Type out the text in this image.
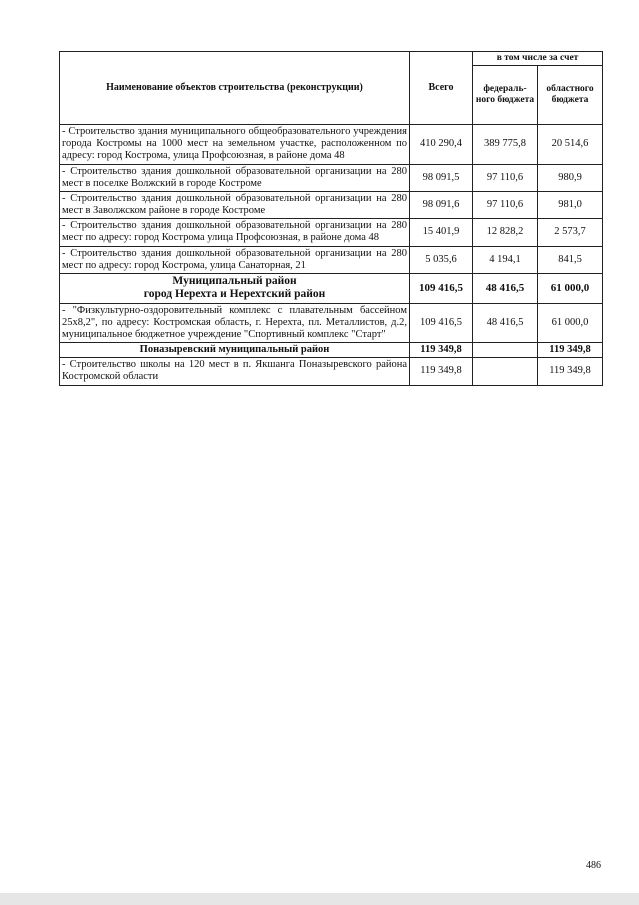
Наименование объектов строительства (реконструкции)	Всего	в том числе за счет	
		федераль-ного бюджета	областного бюджета
- Строительство здания муниципального общеобразовательного учреждения города Костромы на 1000 мест на земельном участке, расположенном по адресу: город Кострома, улица Профсоюзная, в районе дома 48	410 290,4	389 775,8	20 514,6
- Строительство здания дошкольной образовательной организации на 280 мест в поселке Волжский в городе Костроме	98 091,5	97 110,6	980,9
- Строительство здания дошкольной образовательной организации на 280 мест в Заволжском районе в городе Костроме	98 091,6	97 110,6	981,0
- Строительство здания дошкольной образовательной организации на 280 мест по адресу: город Кострома улица Профсоюзная, в районе дома 48	15 401,9	12 828,2	2 573,7
- Строительство здания дошкольной образовательной организации на 280 мест по адресу: город Кострома, улица Санаторная, 21	5 035,6	4 194,1	841,5

Муниципальный район
город Нерехта и Нерехтский район	109 416,5	48 416,5	61 000,0
- "Физкультурно-оздоровительный комплекс с плавательным бассейном 25х8,2", по адресу: Костромская область, г. Нерехта, пл. Металлистов, д.2, муниципальное бюджетное учреждение "Спортивный комплекс "Старт"	109 416,5	48 416,5	61 000,0
Поназыревский муниципальный район	119 349,8		119 349,8
- Строительство школы на 120 мест в п. Якшанга Поназыревского района Костромской области	119 349,8		119 349,8
486
